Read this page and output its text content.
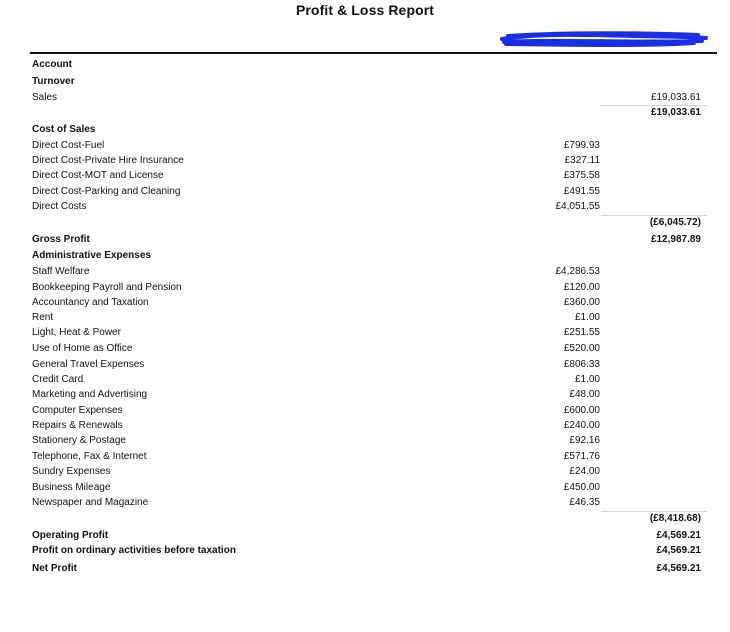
Profit & Loss Report
Account
Turnover
Sales	£19,033.61
£19,033.61
Cost of Sales
Direct Cost-Fuel	£799.93
Direct Cost-Private Hire Insurance	£327.11
Direct Cost-MOT and License	£375.58
Direct Cost-Parking and Cleaning	£491.55
Direct Costs	£4,051.55
(£6,045.72)
Gross Profit	£12,987.89
Administrative Expenses
Staff Welfare	£4,286.53
Bookkeeping Payroll and Pension	£120.00
Accountancy and Taxation	£360.00
Rent	£1.00
Light, Heat & Power	£251.55
Use of Home as Office	£520.00
General Travel Expenses	£806.33
Credit Card	£1.00
Marketing and Advertising	£48.00
Computer Expenses	£600.00
Repairs & Renewals	£240.00
Stationery & Postage	£92.16
Telephone, Fax & Internet	£571.76
Sundry Expenses	£24.00
Business Mileage	£450.00
Newspaper and Magazine	£46.35
(£8,418.68)
Operating Profit	£4,569.21
Profit on ordinary activities before taxation	£4,569.21
Net Profit	£4,569.21
